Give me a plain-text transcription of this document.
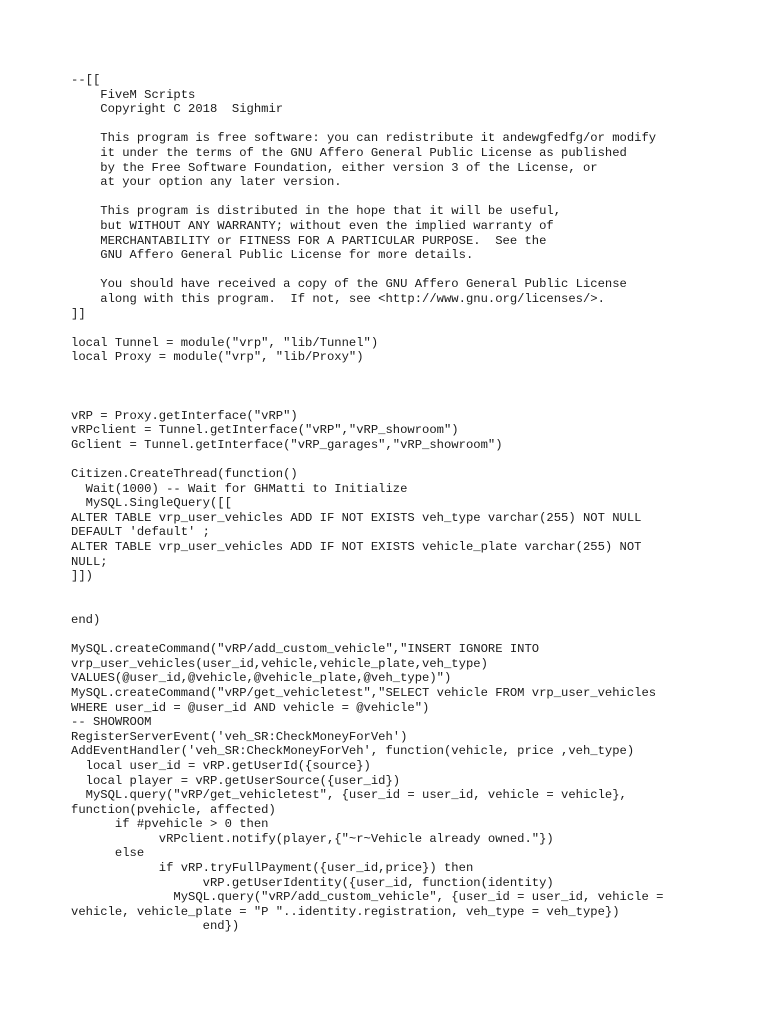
--[[
FiveM Scripts
Copyright C 2018  Sighmir
This program is free software: you can redistribute it andewgfedfg/or modify
it under the terms of the GNU Affero General Public License as published
by the Free Software Foundation, either version 3 of the License, or
at your option any later version.
This program is distributed in the hope that it will be useful,
but WITHOUT ANY WARRANTY; without even the implied warranty of
MERCHANTABILITY or FITNESS FOR A PARTICULAR PURPOSE.  See the
GNU Affero General Public License for more details.
You should have received a copy of the GNU Affero General Public License
along with this program.  If not, see <http://www.gnu.org/licenses/>.
]]
local Tunnel = module("vrp", "lib/Tunnel")
local Proxy = module("vrp", "lib/Proxy")
vRP = Proxy.getInterface("vRP")
vRPclient = Tunnel.getInterface("vRP","vRP_showroom")
Gclient = Tunnel.getInterface("vRP_garages","vRP_showroom")
Citizen.CreateThread(function()
Wait(1000) -- Wait for GHMatti to Initialize
MySQL.SingleQuery([[
ALTER TABLE vrp_user_vehicles ADD IF NOT EXISTS veh_type varchar(255) NOT NULL
DEFAULT 'default' ;
ALTER TABLE vrp_user_vehicles ADD IF NOT EXISTS vehicle_plate varchar(255) NOT
NULL;
]])
end)
MySQL.createCommand("vRP/add_custom_vehicle","INSERT IGNORE INTO
vrp_user_vehicles(user_id,vehicle,vehicle_plate,veh_type)
VALUES(@user_id,@vehicle,@vehicle_plate,@veh_type)")
MySQL.createCommand("vRP/get_vehicletest","SELECT vehicle FROM vrp_user_vehicles
WHERE user_id = @user_id AND vehicle = @vehicle")
-- SHOWROOM
RegisterServerEvent('veh_SR:CheckMoneyForVeh')
AddEventHandler('veh_SR:CheckMoneyForVeh', function(vehicle, price ,veh_type)
local user_id = vRP.getUserId({source})
local player = vRP.getUserSource({user_id})
MySQL.query("vRP/get_vehicletest", {user_id = user_id, vehicle = vehicle},
function(pvehicle, affected)
if #pvehicle > 0 then
vRPclient.notify(player,{"~r~Vehicle already owned."})
else
if vRP.tryFullPayment({user_id,price}) then
vRP.getUserIdentity({user_id, function(identity)
MySQL.query("vRP/add_custom_vehicle", {user_id = user_id, vehicle =
vehicle, vehicle_plate = "P "..identity.registration, veh_type = veh_type})
end})
